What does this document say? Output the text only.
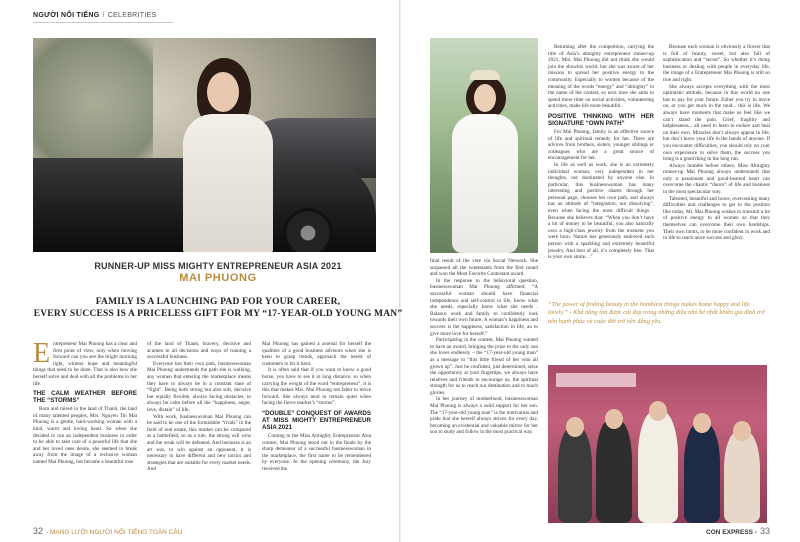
NGƯỜI NỔI TIẾNG / CELEBRITIES
RUNNER-UP MISS MIGHTY ENTREPRENEUR ASIA 2021
MAI PHUONG
FAMILY IS A LAUNCHING PAD FOR YOUR CAREER,
EVERY SUCCESS IS A PRICELESS GIFT FOR MY “17-YEAR-OLD YOUNG MAN”
E ntrepreneur Mai Phuong has a clear and firm point of view, only when moving forward can you see the bright morning light, witness hope and meaningful things that need to be done. That is also how she herself solve and deal with all the problems in her life.

THE CALM WEATHER BEFORE THE “STORMS”

Born and raised in the land of Thanh, the land of many talented peoples, Mrs. Nguyen Thi Mai Phuong is a gentle, hard-working woman with a kind, warm and loving heart. So when she decided to run an independent business in order to be able to take care of a peaceful life that she and her loved ones desire, she seemed to break away from the image of a reclusive woman named Mai Phuong, but became a beautiful rose

of the land of Thanh, bravery, decisive and acumen in all decisions and ways of running a successful business.

Everyone has their own path, businesswoman Mai Phuong understands the path she is walking, any women that entering the marketplace means they have to always be in a constant state of “fight”. Being both strong but also soft, decisive but equally flexible, always facing obstacles, to always be calm before all the “happiness, anger, love, distain” of life.

With work, businesswoman Mai Phuong can be said to be one of the formidable “rivals” in the field of real estate, this market can be compared as a battlefield, so as a rule, the strong will wins and the weak will be defeated. And business is an art war, to win against an opponent, it is necessary to have different and new tactics and strategies that are suitable for every market needs. And

Mai Phuong has gained a arsenal for herself the qualities of a good business advisors when she is keen to grasp trends, approach the needs of customers to hit it hard.

It is often said that if you want to know a good horse, you have to see it in long distance, so when carrying the weight of the word “entrepreneur”, it is this that makes Mrs. Mai Phuong not falter to move forward. She always tend to remain quiet when facing the fierce market’s “storms”.

“DOUBLE” CONQUEST OF AWARDS AT MISS MIGHTY ENTREPRENEUR ASIA 2021

Coming to the Miss Almighty Entrepreneur Asia contest, Mai Phuong stood out in the finale by the sharp demeanor of a successful businesswoman in the marketplace, the first name to be remembered by everyone. At the opening ceremony, the Jury received the

final result of the vote via Social Network. She surpassed all the contestants from the first round and won the Most Favorite Contestant award.

In the response to the behavioral question, businesswoman Mai Phuong affirmed: “A successful woman should have financial independence and self-control in life, know what she needs, especially know what she needs . Balance work and family to confidently look towards their own future. A woman’s happiness and success is the happiness, satisfaction in life, an to give more love for herself.”

Participating in the contest, Mai Phuong wanted to have an award, bringing the prize to the only son she loves endlessly – the “17-year-old young man” as a message to “this little friend of her who all grown up”. Just be confident, just determined, seize the opportunity at your fingertips, we always have relatives and friends to encourage us, the spiritual strength for us to reach our destination and to touch glories.

In her journey of motherhood, businesswoman Mai Phuong is always a solid support for her son. The “17-year-old young man” is the motivation and pride that she herself always strives for every day, becoming an existential and valuable mirror for her son to study and follow in the most practical way.

Returning after the competition, carrying the title of Asia’s almighty entrepreneur runner-up 2021, Mrs. Mai Phuong did not think she would join the showbiz world, but she was aware of her mission to spread her positive energy to the community. Especially to women because of the meaning of the words “energy” and “almighty” in the name of the contest, so next time she aims to spend more time on social activities, volunteering activities, make life more beautiful.

POSITIVE THINKING WITH HER SIGNATURE “OWN PATH”

For Mai Phuong, family is an effective source of life and spiritual remedy for her. There are advices from brothers, sisters, younger siblings or colleagues who are a great source of encouragement for her.

In life as well as work, she is an extremely individual woman, very independent in her thoughts, not dominated by anyone else. In particular, this businesswoman has many interesting and positive shares through her personal page, chooses her own path, and always has an attitude of “integration, not dissolving”, even when facing the most difficult things . Because she believes that: “When you don’t have a lot of money to be beautiful, you also naturally own a high-class jewelry from the moment you were born. Nature has generously endowed each person with a sparkling and extremely beautiful jewelry. And best of all, it’s completely free. That is your own smile…”

Because each woman is obviously a flower that is full of beauty, sweet, but also full of sophistication and “secret”. So whether it’s doing business or dealing with people in everyday life, the image of a Entrepreneur Mai Phuong is still so true and right.

She always accepts everything with the most optimistic attitude, because in this world no one has to pay for your future. Either you try to move on, or you get stuck in the mud... this is life. We always have moments that make us feel like we can’t stand the pain. Grief, fragility and helplessness... all need to learn to endure and heal on their own. Miracles don’t always appear in life, but don’t leave your life in the hands of anyone. If you encounter difficulties, you should rely on your own experience to solve them, the success you bring is a good thing in the long run.

Always humble before others, Miss Almighty runner-up Mai Phuong always understands that only a passionate and good-hearted heart can overcome the chaotic “dance” of life and business in the most spectacular way.

Talented, beautiful and brave, overcoming many difficulties and challenges to get to the position like today, Mr. Mai Phuong wishes to transmit a lot of positive energy to all women so that they themselves can overcome their own hardships. Their own limits, to be more confident in work and in life to reach more success and glory.

“The power of finding beauty in the humblest things makes home happy and life lovely.” - Khả năng tìm được cái đẹp trong những điều nhỏ bé nhất khiến gia đình trở nên hạnh phúc và cuộc đời trở nên đáng yêu.
32 - MẠNG LƯỚI NGƯỜI NỔI TIẾNG TOÀN CẦU	CON EXPRESS - 33
